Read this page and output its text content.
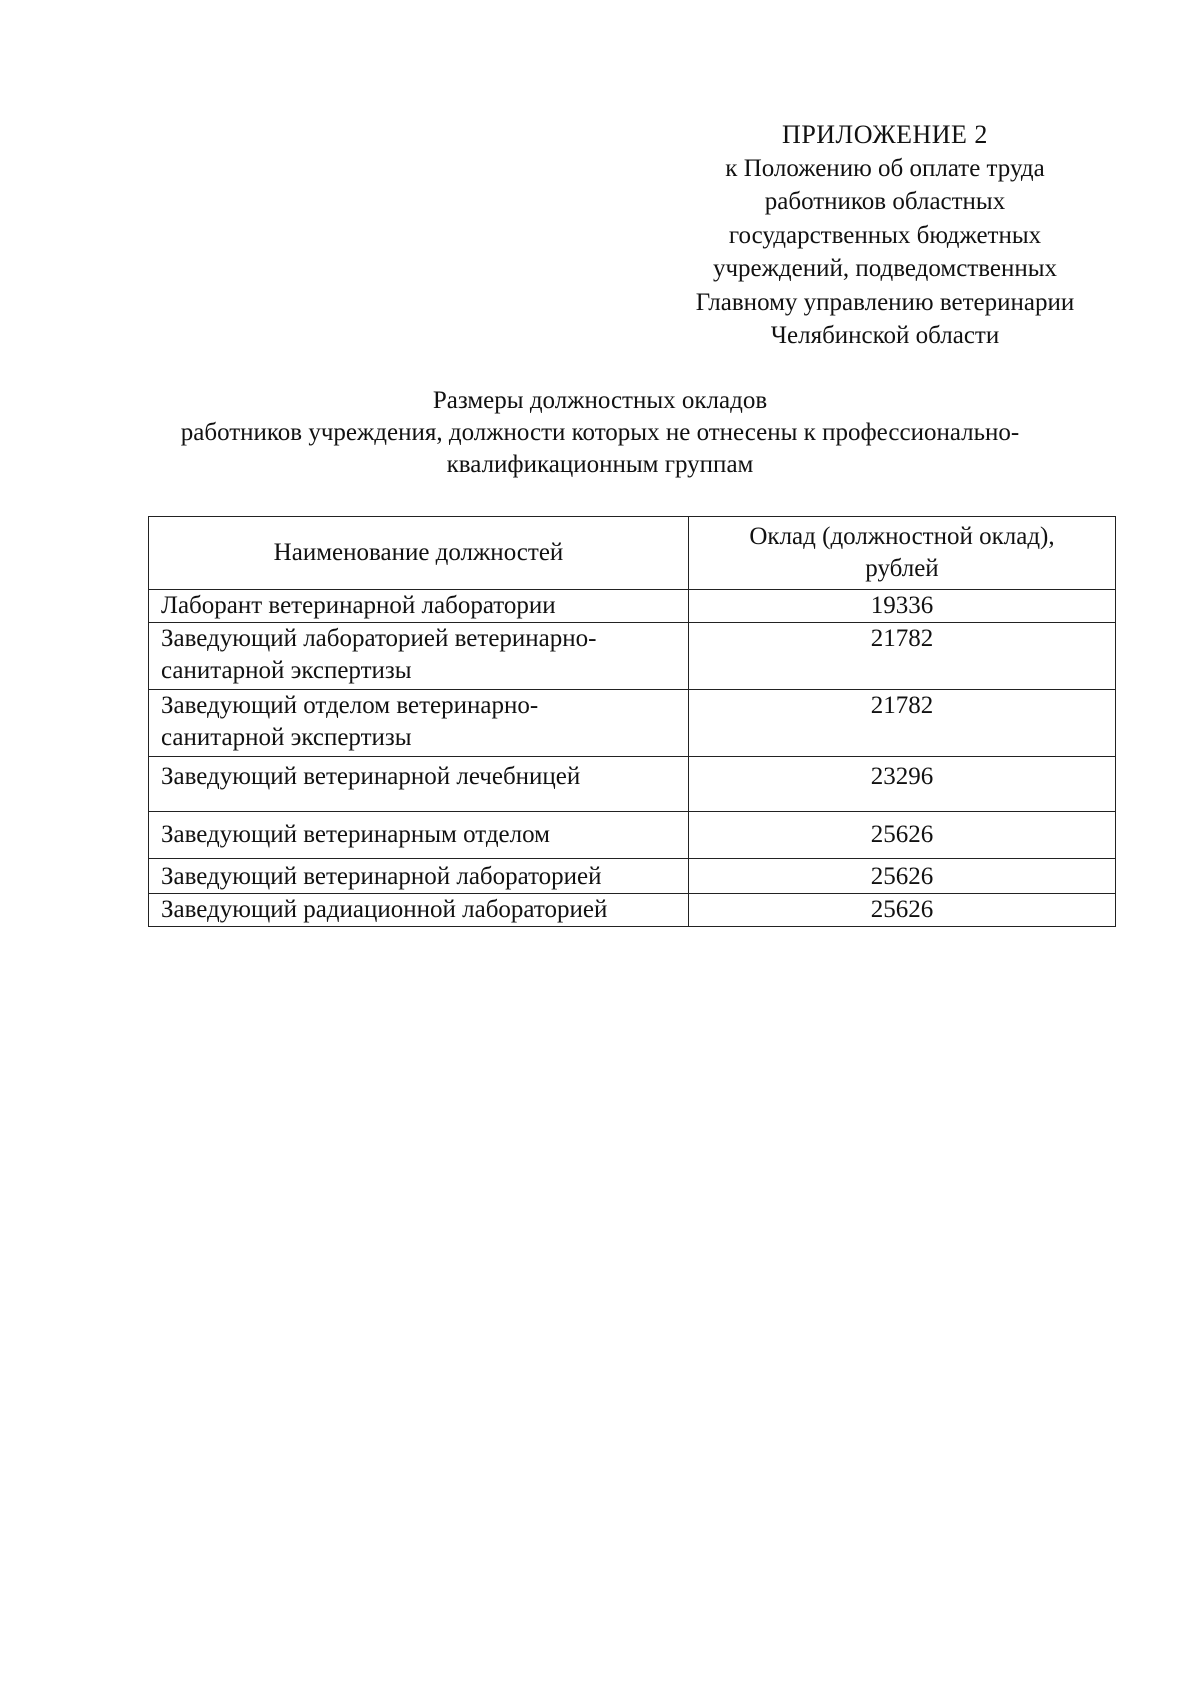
ПРИЛОЖЕНИЕ 2
к Положению об оплате труда
работников областных
государственных бюджетных
учреждений, подведомственных
Главному управлению ветеринарии
Челябинской области
Размеры должностных окладов
работников учреждения, должности которых не отнесены к профессионально-
квалификационным группам
Наименование должностей	Оклад (должностной оклад),
рублей

Лаборант ветеринарной лаборатории	19336

Заведующий лабораторией ветеринарно-
санитарной экспертизы	21782

Заведующий отделом ветеринарно-
санитарной экспертизы	21782

Заведующий ветеринарной лечебницей	23296

Заведующий ветеринарным отделом	25626

Заведующий ветеринарной лабораторией	25626

Заведующий радиационной лабораторией	25626
